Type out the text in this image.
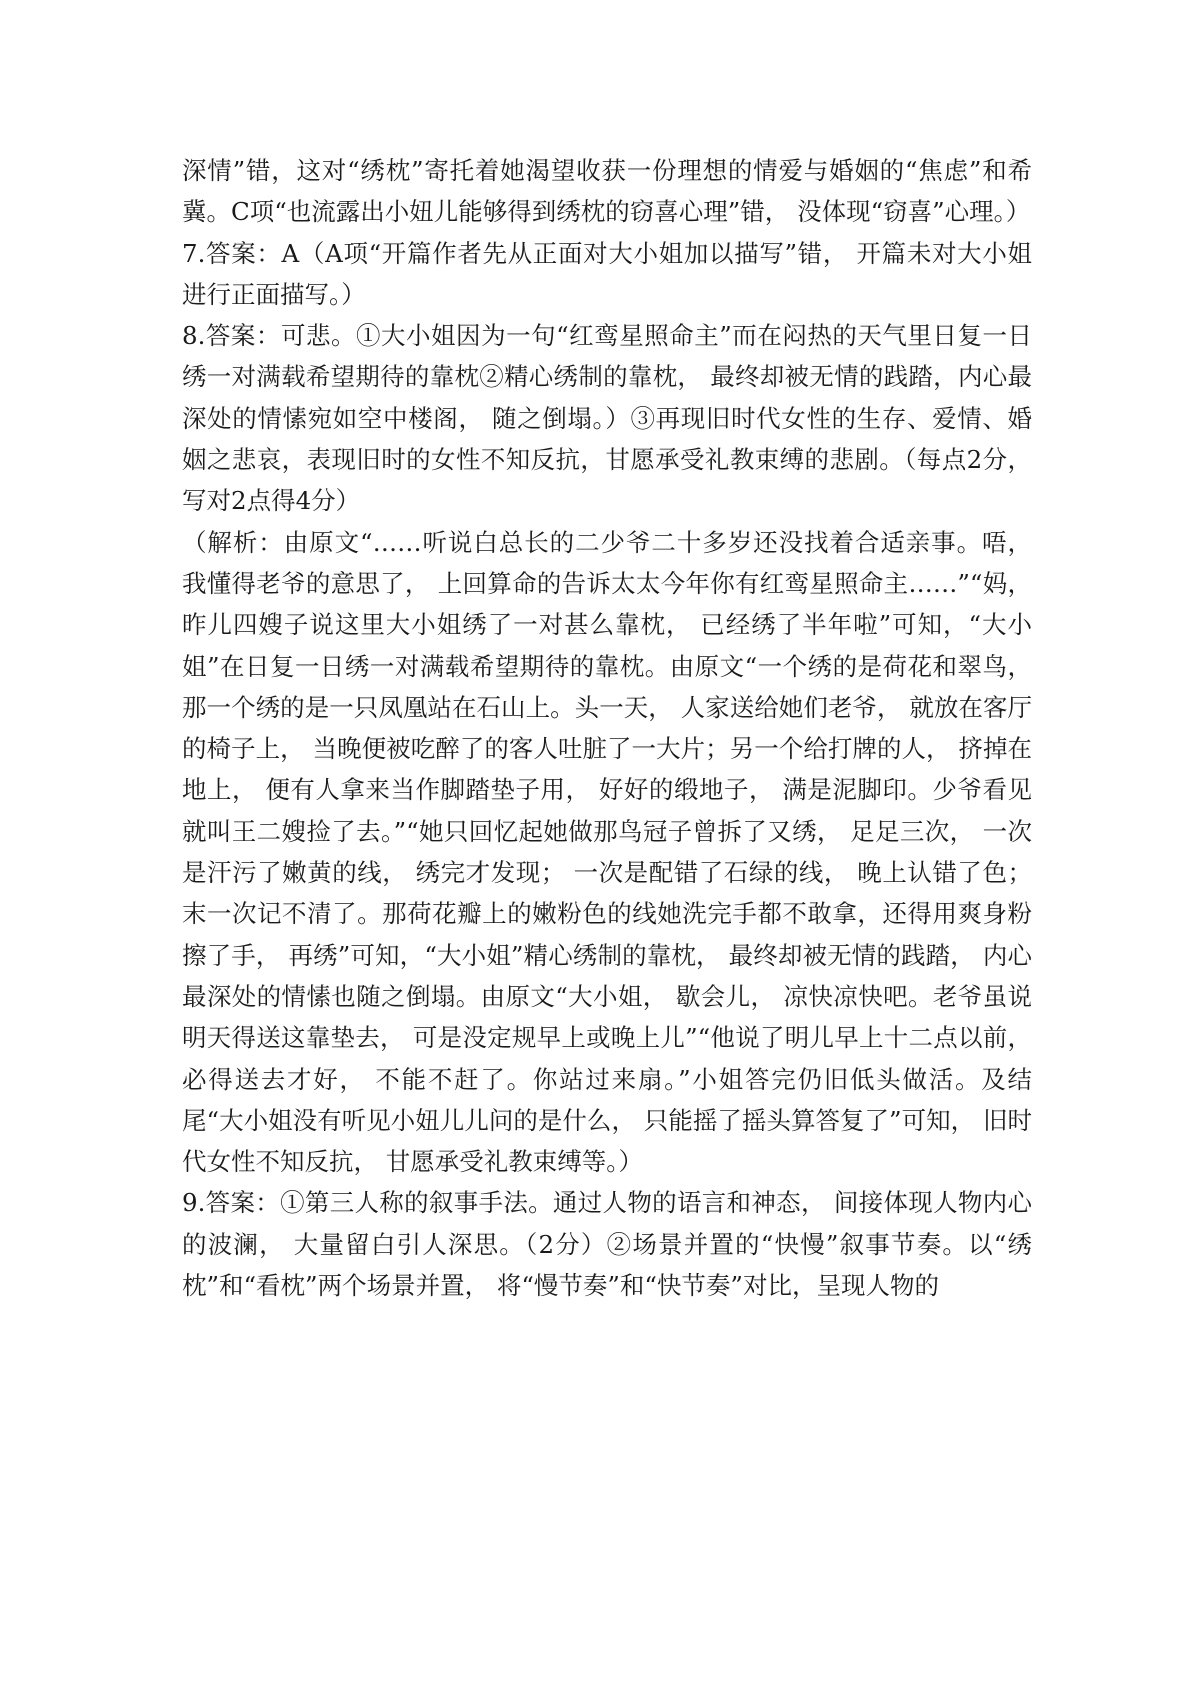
深情”错，这对“绣枕”寄托着她渴望收获一份理想的情爱与婚姻的“焦虑”和希冀。C项“也流露出小妞儿能够得到绣枕的窃喜心理”错， 没体现“窃喜”心理。）

7.答案：A（A项“开篇作者先从正面对大小姐加以描写”错， 开篇未对大小姐进行正面描写。）

8.答案：可悲。①大小姐因为一句“红鸾星照命主”而在闷热的天气里日复一日绣一对满载希望期待的靠枕②精心绣制的靠枕， 最终却被无情的践踏，内心最深处的情愫宛如空中楼阁， 随之倒塌。）③再现旧时代女性的生存、爱情、婚姻之悲哀，表现旧时的女性不知反抗，甘愿承受礼教束缚的悲剧。（每点2分，写对2点得4分）

（解析：由原文“……听说白总长的二少爷二十多岁还没找着合适亲事。唔， 我懂得老爷的意思了， 上回算命的告诉太太今年你有红鸾星照命主……”“妈， 昨儿四嫂子说这里大小姐绣了一对甚么靠枕， 已经绣了半年啦”可知，“大小姐”在日复一日绣一对满载希望期待的靠枕。由原文“一个绣的是荷花和翠鸟， 那一个绣的是一只凤凰站在石山上。头一天， 人家送给她们老爷， 就放在客厅的椅子上， 当晚便被吃醉了的客人吐脏了一大片；另一个给打牌的人， 挤掉在地上， 便有人拿来当作脚踏垫子用， 好好的缎地子， 满是泥脚印。少爷看见就叫王二嫂捡了去。”“她只回忆起她做那鸟冠子曾拆了又绣， 足足三次， 一次是汗污了嫩黄的线， 绣完才发现； 一次是配错了石绿的线， 晚上认错了色；末一次记不清了。那荷花瓣上的嫩粉色的线她洗完手都不敢拿，还得用爽身粉擦了手， 再绣”可知，“大小姐”精心绣制的靠枕， 最终却被无情的践踏， 内心最深处的情愫也随之倒塌。由原文“大小姐， 歇会儿， 凉快凉快吧。老爷虽说明天得送这靠垫去， 可是没定规早上或晚上儿”“他说了明儿早上十二点以前，必得送去才好， 不能不赶了。你站过来扇。”小姐答完仍旧低头做活。及结尾“大小姐没有听见小妞儿儿问的是什么， 只能摇了摇头算答复了”可知， 旧时代女性不知反抗， 甘愿承受礼教束缚等。）

9.答案：①第三人称的叙事手法。通过人物的语言和神态， 间接体现人物内心的波澜， 大量留白引人深思。（2分）②场景并置的“快慢”叙事节奏。以“绣枕”和“看枕”两个场景并置， 将“慢节奏”和“快节奏”对比，呈现人物的
